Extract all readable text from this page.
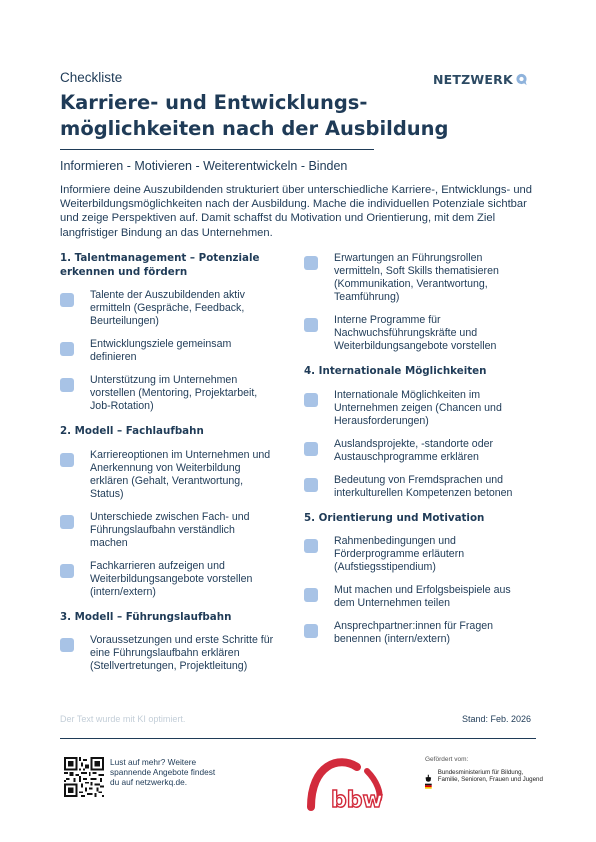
Checkliste	NETZWERK
Karriere- und Entwicklungs-
möglichkeiten nach der Ausbildung
Informieren - Motivieren - Weiterentwickeln - Binden

Informiere deine Auszubildenden strukturiert über unterschiedliche Karriere-, Entwicklungs- und Weiterbildungsmöglichkeiten nach der Ausbildung. Mache die individuellen Potenziale sichtbar und zeige Perspektiven auf. Damit schaffst du Motivation und Orientierung, mit dem Ziel langfristiger Bindung an das Unternehmen.

1. Talentmanagement – Potenziale erkennen und fördern
Talente der Auszubildenden aktiv ermitteln (Gespräche, Feedback, Beurteilungen)
Entwicklungsziele gemeinsam definieren
Unterstützung im Unternehmen vorstellen (Mentoring, Projektarbeit, Job-Rotation)
2. Modell – Fachlaufbahn
Karriereoptionen im Unternehmen und Anerkennung von Weiterbildung erklären (Gehalt, Verantwortung, Status)
Unterschiede zwischen Fach- und Führungslaufbahn verständlich machen
Fachkarrieren aufzeigen und Weiterbildungsangebote vorstellen (intern/extern)
3. Modell – Führungslaufbahn
Voraussetzungen und erste Schritte für eine Führungslaufbahn erklären (Stellvertretungen, Projektleitung)
Erwartungen an Führungsrollen vermitteln, Soft Skills thematisieren (Kommunikation, Verantwortung, Teamführung)
Interne Programme für Nachwuchsführungskräfte und Weiterbildungsangebote vorstellen
4. Internationale Möglichkeiten
Internationale Möglichkeiten im Unternehmen zeigen (Chancen und Herausforderungen)
Auslandsprojekte, -standorte oder Austauschprogramme erklären
Bedeutung von Fremdsprachen und interkulturellen Kompetenzen betonen
5. Orientierung und Motivation
Rahmenbedingungen und Förderprogramme erläutern (Aufstiegsstipendium)
Mut machen und Erfolgsbeispiele aus dem Unternehmen teilen
Ansprechpartner:innen für Fragen benennen (intern/extern)
Der Text wurde mit KI optimiert.	Stand: Feb. 2026
Lust auf mehr? Weitere spannende Angebote findest du auf netzwerkq.de.
bbw
Gefördert vom:
Bundesministerium für Bildung, Familie, Senioren, Frauen und Jugend
